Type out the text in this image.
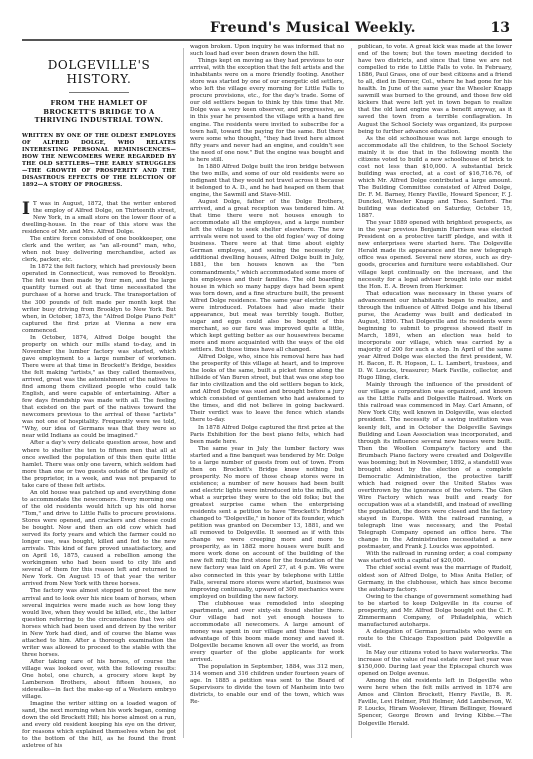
Freund's Musical Weekly.	13
DOLGEVILLE'S HISTORY.
FROM THE HAMLET OF BROCKETT'S BRIDGE TO A THRIVING INDUSTRIAL TOWN.
WRITTEN BY ONE OF THE OLDEST EMPLOYES OF ALFRED DOLGE, WHO RELATES INTERESTING PERSONAL REMINISCENCES—HOW THE NEWCOMERS WERE REGARDED BY THE OLD SETTLERS—THE EARLY STRUGGLES—THE GROWTH OF PROSPERITY AND THE DISASTROUS EFFECTS OF THE ELECTION OF 1892—A STORY OF PROGRESS.
I T was in August, 1872, that the writer entered the employ of Alfred Dolge, on Thirteenth street, New York, in a small store on the lower floor of a dwelling-house. In the rear of this store was the residence of Mr. and Mrs. Alfred Dolge.

The entire force consisted of one bookkeeper, one clerk and the writer, as "an all-round" man, who, when not busy delivering merchandise, acted as clerk, packer, etc.

In 1872 the felt factory, which had previously been operated in Connecticut, was removed to Brooklyn. The felt was then made by four men, and the large quantity turned out at that time necessitated the purchase of a horse and truck. The transportation of the 300 pounds of felt made per month kept the writer busy driving from Brooklyn to New York. But when, in October, 1873, the "Alfred Dolge Piano Felt" captured the first prize at Vienna a new era commenced.

In October, 1874, Alfred Dolge bought the property on which our mills stand to-day, and in November the lumber factory was started, which gave employment to a large number of workmen. There were at that time in Brockett's Bridge, besides the felt making "artists," as they called themselves, arrived, great was the astonishment of the natives to find among them civilized people who could talk English, and were capable of entertaining. After a few days friendship was made with all. The feeling that existed on the part of the natives toward the newcomers previous to the arrival of these "artists" was not one of hospitality. Frequently were we told, "Why, our idea of Germans was that they were so near wild Indians as could be imagined."

After a day's very delicate question arose, how and where to shelter the ten to fifteen men that all at once swelled the population of this then quite little hamlet. There was only one tavern, which seldom had more than one or two guests outside of the family of the proprietor, in a week, and was not prepared to take care of these felt artists.

An old house was patched up and everything done to accommodate the newcomers. Every morning one of the old residents would hitch up his old horse "Tom," and drive to Little Falls to procure provisions. Stores were opened, and crackers and cheese could be bought. Now and then an old cow which had served its forty years and which the farmer could no longer use, was bought, killed and fed to the new arrivals. This kind of fare proved unsatisfactory, and on April 16, 1875, caused a rebellion among the workingmen who had been used to city life and several of them for this reason left and returned to New York. On August 15 of that year the writer arrived from New York with three horses.

The factory was almost stopped to greet the new arrival and to look over his nice team of horses, when several inquiries were made such as how long they would live, when they would be killed, etc., the latter question referring to the circumstance that two old horses which had been used and driven by the writer in New York had died, and of course the blame was attached to him. After a thorough examination the writer was allowed to proceed to the stable with the three horses.

After taking care of his horses, of course the village was looked over, with the following results: One hotel, one church, a grocery store kept by Lamberson Brothers, about fifteen houses, no sidewalks—in fact the make-up of a Western embryo village.

Imagine the writer sitting on a loaded wagon of sand, the next morning when his work began, coming down the old Brockett Hill; his horse almost on a run, and every old resident keeping his eye on the driver, for reasons which explained themselves when he got to the bottom of the hill, as he found the front axletree of his

wagon broken. Upon inquiry he was informed that no such load had ever been drawn down the hill.

Things kept on moving as they had previous to our arrival, with the exception that the felt artists and the inhabitants were on a more friendly footing. Another store was started by one of our energetic old settlers, who left the village every morning for Little Falls to procure provisions, etc., for the day's trade. Some of our old settlers began to think by this time that Mr. Dolge was a very keen observer, and progressive, as in this year he presented the village with a hand fire engine. The residents were invited to subscribe for a town hall, toward the paying for the same. But there were some who thought, "they had lived here almost fifty years and never had an engine, and couldn't see the need of one now." But the engine was bought and is here still.

In 1880 Alfred Dolge built the iron bridge between the two mills, and some of our old residents were so indignant that they would not travel across it because it belonged to A. D., and he had heaped on them that engine, the Sawmill and Stave-Mill.

August Dolge, father of the Dolge Brothers, arrived, and a great reception was tendered him. At that time there were not houses enough to accommodate all the employes, and a large number left the village to seek shelter elsewhere. The new arrivals were not used to the old fogies' way of doing business. There were at that time about eighty German employes, and seeing the necessity for additional dwelling houses, Alfred Dolge built in July, 1881, the ten houses known as the "ten commandments," which accommodated some more of his employees and their families. The old boarding house in which so many happy days had been spent was torn down, and a fine structure built, the present Alfred Dolge residence. The same year electric lights were introduced. Potatoes had also made their appearance, but meat was terribly tough. Butter, sugar and eggs could also be bought of this merchant, so our fare was improved quite a little, which kept getting better as our housewives became more and more acquainted with the ways of the old settlers. But those times have all changed.

Alfred Dolge, who, since his removal here has had the prosperity of this village at heart, and to improve the looks of the same, built a picket fence along the hillside of Van Buren street, but that was one step too far into civilization and the old settlers began to kick, and Alfred Dolge was sued and brought before a jury which consisted of gentlemen who had awakened to the times, and did not believe in going backward. Their verdict was to leave the fence which stands there to-day.

In 1878 Alfred Dolge captured the first prize at the Paris Exhibition for the best piano felts, which had been made here.

The same year in July the lumber factory was started and a fine banquet was tendered by Mr. Dolge to a large number of guests from out of town. From then on Brockett's Bridge knew nothing but prosperity. No more of those cheap stores were in existence; a number of new houses had been built and electric lights were introduced into the mills, and what a surprise they were to the old folks; but the greatest surprise came when the enterprising residents sent a petition to have "Brockett's Bridge" changed to "Dolgeville," in honor of its founder, which petition was granted on December 13, 1881, and we all removed to Dolgeville. It seemed as if with this change we were creeping more and more to prosperity, as in 1882 more houses were built and more work done on account of the building of the new felt mill; the first stone for the foundation of the new factory was laid on April 27, at 4 p.m. We were also connected in this year by telephone with Little Falls, several more stores were started, business was improving continually, upward of 300 mechanics were employed on building the new factory.

The clubhouse was remodeled into sleeping apartments, and over sixty-six found shelter there. Our village had not yet enough houses to accommodate all newcomers. A large amount of money was spent in our village and those that took advantage of this boom made money and saved it. Dolgeville became known all over the world, as from every quarter of the globe applicants for work arrived.

The population in September, 1884, was 312 men, 314 women and 316 children under fourteen years of age. In 1885 a petition was sent to the Board of Supervisors to divide the town of Manheim into two districts, to enable our end of the town, which was Re-

publican, to vote. A great kick was made at the lower end of the town; but the town meeting decided to have two districts, and since that time we are not compelled to ride to Little Falls to vote. In February, 1886, Paul Grass, one of our best citizens and a friend to all, died in Denver, Col., where he had gone for his health. In June of the same year the Wheeler Knapp sawmill was burned to the ground, and those few old kickers that were left yet in town began to realize that the old land engine was a benefit anyway, as it saved the town from a terrible conflagration. In August the School Society was organized, its purpose being to further advance education.

As the old schoolhouse was not large enough to accommodate all the children, to the School Society mainly it is due that in the following month the citizens voted to build a new schoolhouse of brick to cost not less than $10,000. A substantial brick building was erected, at a cost of $16,716.76, of which Mr. Alfred Dolge contributed a large amount. The Building Committee consisted of Alfred Dolge, Dr. F. M. Barney, Henry Faville, Howard Spencer, F. J. Dunckel, Wheeler Knapp and Theo. Sanford. The building was dedicated on Saturday, October 15, 1887.

The year 1889 opened with brightest prospects, as in the year previous Benjamin Harrison was elected President on a protective tariff pledge, and with it new enterprises were started here. The Dolgeville Herald made its appearance and the new telegraph office was opened. Several new stores, such as dry-goods, groceries and furniture were established. Our village kept continually on the increase, and the necessity for a legal adviser brought into our midst the Hon. E. A. Brown from Herkimer.

That education was necessary in these years of advancement our inhabitants began to realize, and through the influence of Alfred Dolge and his liberal purse, the Academy was built and dedicated in August, 1890. That Dolgeville and its residents were beginning to submit to progress showed itself in March, 1891, when an election was held to incorporate our village, which was carried by a majority of 200 for such a step. In April of the same year Alfred Dolge was elected the first president, W. H. Bacon, E. R. Hopson, L. L. Lambert, trustees, and D. W. Loucks, treasurer; Mark Faville, collector, and Hugo Illing, clerk.

Mainly through the influence of the president of our village a corporation was organized, and known as the Little Falls and Dolgeville Railroad. Work on this railroad was commenced in May. Carl Amann, of New York City, well known in Dolgeville, was elected president. The necessity of a saving institution was keenly felt, and in October the Dolgeville Savings Building and Loan Association was incorporated, and through its influence several new houses were built. Then the Woollen Company's factory and the Brumbach Piano factory were created and Dolgeville was booming; but in November, 1892, a standstill was brought about by the election of a complete Democratic Administration, the protective tariff which had reigned over the United States was overthrown by the ignorance of the voters. The Glen Wire Factory which was built and ready for occupation was at a standstill, and instead of swelling the population, the doors were closed and the factory stayed in Europe. With the railroad running, a telegraph line was necessary, and the Postal Telegraph Company opened an office here. The change in the Administration necessitated a new postmaster, and Frank J. Loucks was appointed.

With the railroad in running order, a coal company was started with a capital of $20,000.

The chief social event was the marriage of Rudolf, oldest son of Alfred Dolge, to Miss Anita Heller, of Germany, in the clubhouse, which has since become the autoharp factory.

Owing to the change of government something had to be started to keep Dolgeville in its course of prosperity, and Mr. Alfred Dolge bought out the C. F. Zimmermann Company, of Philadelphia, which manufactured autoharps.

A delegation of German journalists who were en route to the Chicago Exposition paid Dolgeville a visit.

In May our citizens voted to have waterworks. The increase of the value of real estate over last year was $150,000. During last year the Episcopal church was opened on Dolge avenue.

Among the old residents left in Dolgeville who were here when the felt mills arrived in 1874 are Amos and Clinton Brockett, Henry Faville, B. R. Faville, Levi Helmer, Phil Helmer, Add Lamberson, W. P. Loucks, Hiram Woolever, Hiram Bellinger, Howard Spencer, George Brown and Irving Kibbe.—The Dolgeville Herald.
